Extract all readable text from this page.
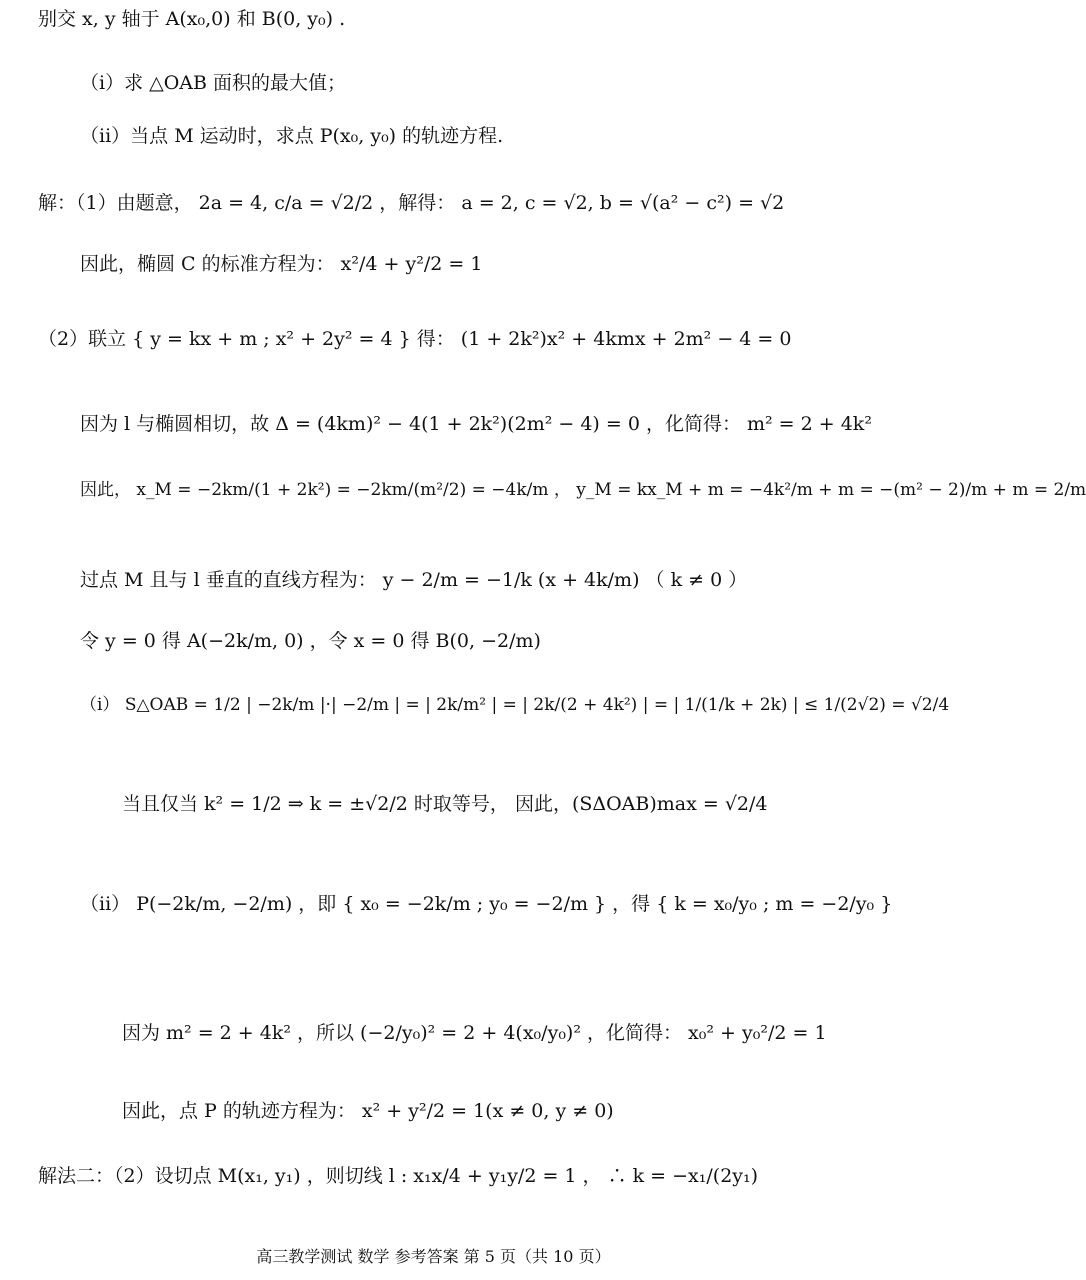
别交 x, y 轴于 A(x₀,0) 和 B(0, y₀) .
（i）求 △OAB 面积的最大值；
（ii）当点 M 运动时，求点 P(x₀, y₀) 的轨迹方程.
解：（1）由题意， 2a = 4, c/a = √2/2 ，解得： a = 2, c = √2, b = √(a² − c²) = √2
因此，椭圆 C 的标准方程为： x²/4 + y²/2 = 1
（2）联立 { y = kx + m ; x² + 2y² = 4 } 得： (1 + 2k²)x² + 4kmx + 2m² − 4 = 0
因为 l 与椭圆相切，故 Δ = (4km)² − 4(1 + 2k²)(2m² − 4) = 0 ，化简得： m² = 2 + 4k²
因此， x_M = −2km/(1 + 2k²) = −2km/(m²/2) = −4k/m ， y_M = kx_M + m = −4k²/m + m = −(m² − 2)/m + m = 2/m
过点 M 且与 l 垂直的直线方程为： y − 2/m = −1/k (x + 4k/m) （ k ≠ 0 ）
令 y = 0 得 A(−2k/m, 0) ，令 x = 0 得 B(0, −2/m)
（i） S△OAB = 1/2 | −2k/m |·| −2/m | = | 2k/m² | = | 2k/(2 + 4k²) | = | 1/(1/k + 2k) | ≤ 1/(2√2) = √2/4
当且仅当 k² = 1/2 ⇒ k = ±√2/2 时取等号， 因此，(SΔOAB)max = √2/4
（ii） P(−2k/m, −2/m) ，即 { x₀ = −2k/m ; y₀ = −2/m } ，得 { k = x₀/y₀ ; m = −2/y₀ }
因为 m² = 2 + 4k² ，所以 (−2/y₀)² = 2 + 4(x₀/y₀)² ，化简得： x₀² + y₀²/2 = 1
因此，点 P 的轨迹方程为： x² + y²/2 = 1(x ≠ 0, y ≠ 0)
解法二：（2）设切点 M(x₁, y₁) ，则切线 l : x₁x/4 + y₁y/2 = 1 ， ∴ k = −x₁/(2y₁)
高三教学测试 数学 参考答案 第 5 页（共 10 页）
